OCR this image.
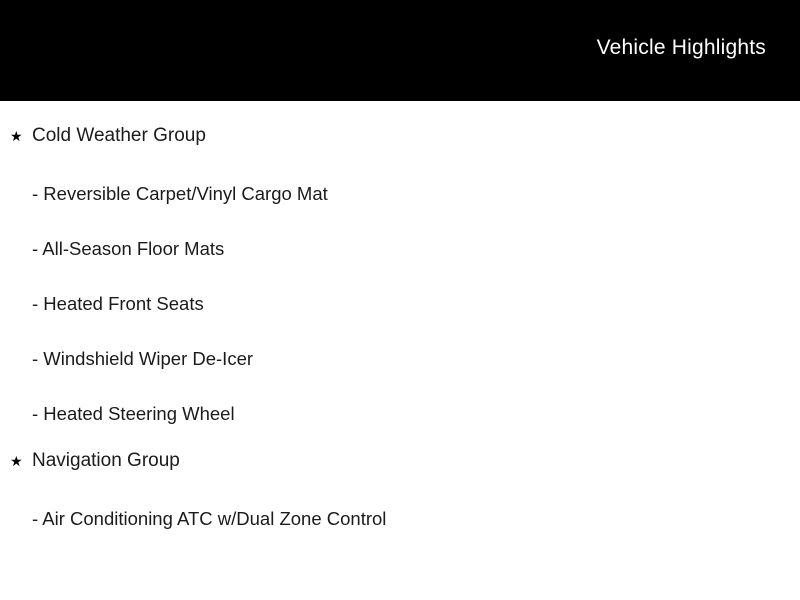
Vehicle Highlights
★ Cold Weather Group
- Reversible Carpet/Vinyl Cargo Mat
- All-Season Floor Mats
- Heated Front Seats
- Windshield Wiper De-Icer
- Heated Steering Wheel
★ Navigation Group
- Air Conditioning ATC w/Dual Zone Control
